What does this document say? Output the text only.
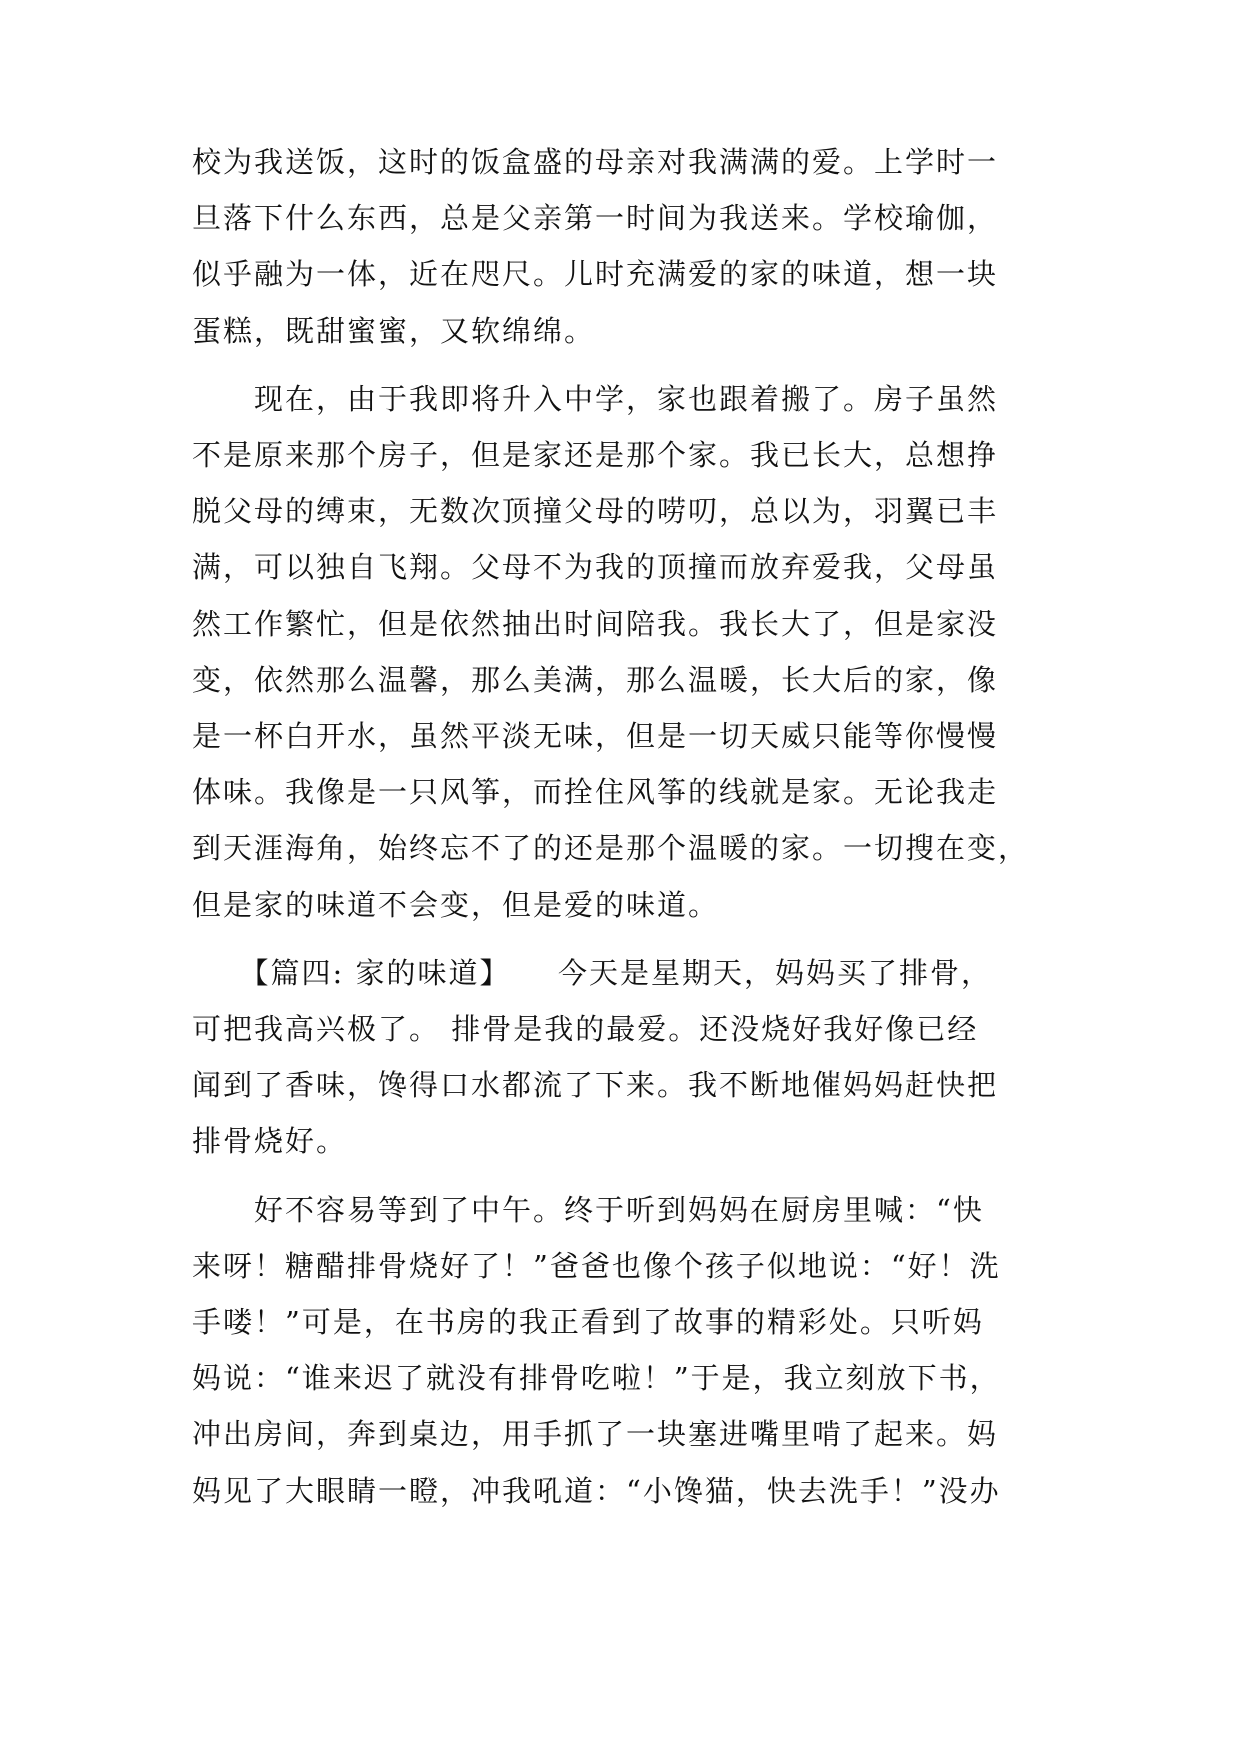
校为我送饭，这时的饭盒盛的母亲对我满满的爱。上学时一
旦落下什么东西，总是父亲第一时间为我送来。学校瑜伽，
似乎融为一体，近在咫尺。儿时充满爱的家的味道，想一块
蛋糕，既甜蜜蜜，又软绵绵。
　　现在，由于我即将升入中学，家也跟着搬了。房子虽然
不是原来那个房子，但是家还是那个家。我已长大，总想挣
脱父母的缚束，无数次顶撞父母的唠叨，总以为，羽翼已丰
满，可以独自飞翔。父母不为我的顶撞而放弃爱我，父母虽
然工作繁忙，但是依然抽出时间陪我。我长大了，但是家没
变，依然那么温馨，那么美满，那么温暖，长大后的家，像
是一杯白开水，虽然平淡无味，但是一切天威只能等你慢慢
体味。我像是一只风筝，而拴住风筝的线就是家。无论我走
到天涯海角，始终忘不了的还是那个温暖的家。一切搜在变，
但是家的味道不会变，但是爱的味道。
　　【篇四: 家的味道】　　今天是星期天，妈妈买了排骨，
可把我高兴极了。 排骨是我的最爱。还没烧好我好像已经
闻到了香味，馋得口水都流了下来。我不断地催妈妈赶快把
排骨烧好。
　　好不容易等到了中午。终于听到妈妈在厨房里喊：“快
来呀！糖醋排骨烧好了！”爸爸也像个孩子似地说：“好！洗
手喽！”可是，在书房的我正看到了故事的精彩处。只听妈
妈说：“谁来迟了就没有排骨吃啦！”于是，我立刻放下书，
冲出房间，奔到桌边，用手抓了一块塞进嘴里啃了起来。妈
妈见了大眼睛一瞪，冲我吼道：“小馋猫，快去洗手！”没办
